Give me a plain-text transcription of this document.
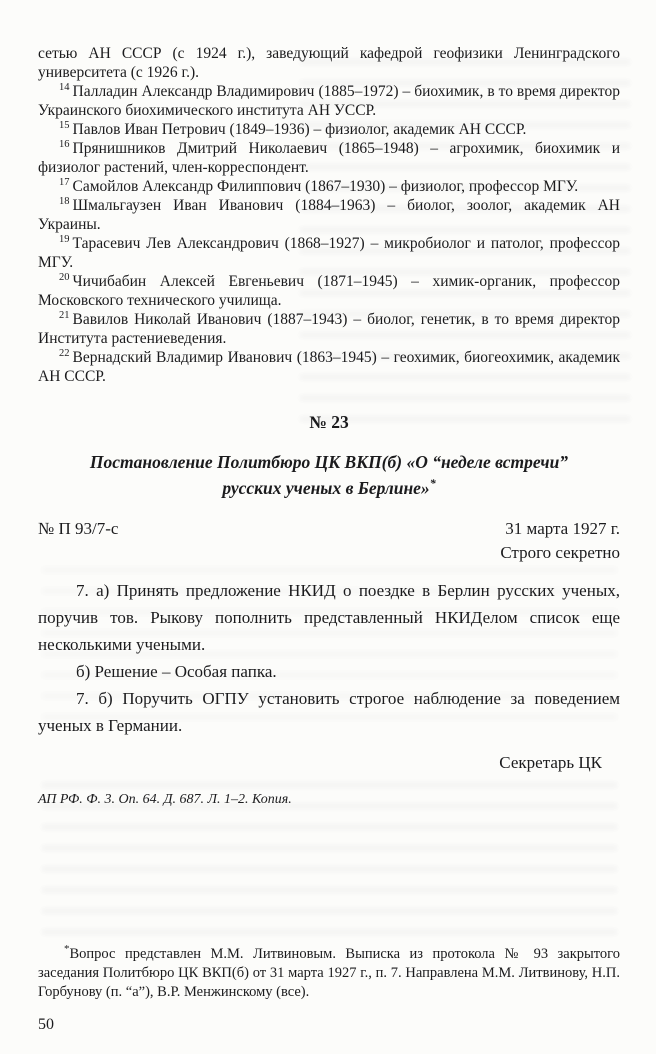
сетью АН СССР (с 1924 г.), заведующий кафедрой геофизики Ленинградского университета (с 1926 г.).

$^{14}$ Палладин Александр Владимирович (1885–1972) – биохимик, в то время директор Украинского биохимического института АН УССР.

$^{15}$ Павлов Иван Петрович (1849–1936) – физиолог, академик АН СССР.

$^{16}$ Прянишников Дмитрий Николаевич (1865–1948) – агрохимик, биохимик и физиолог растений, член-корреспондент.

$^{17}$ Самойлов Александр Филиппович (1867–1930) – физиолог, профессор МГУ.

$^{18}$ Шмальгаузен Иван Иванович (1884–1963) – биолог, зоолог, академик АН Украины.

$^{19}$ Тарасевич Лев Александрович (1868–1927) – микробиолог и патолог, профессор МГУ.

$^{20}$ Чичибабин Алексей Евгеньевич (1871–1945) – химик-органик, профессор Московского технического училища.

$^{21}$ Вавилов Николай Иванович (1887–1943) – биолог, генетик, в то время директор Института растениеведения.

$^{22}$ Вернадский Владимир Иванович (1863–1945) – геохимик, биогеохимик, академик АН СССР.

№ 23
Постановление Политбюро ЦК ВКП(б) «О “неделе встречи” русских ученых в Берлине»*
№ П 93/7-с	31 марта 1927 г.
Строго секретно

7. а) Принять предложение НКИД о поездке в Берлин русских ученых, поручив тов. Рыкову пополнить представленный НКИДелом список еще несколькими учеными.

б) Решение – Особая папка.

7. б) Поручить ОГПУ установить строгое наблюдение за поведением ученых в Германии.

Секретарь ЦК
АП РФ. Ф. 3. Оп. 64. Д. 687. Л. 1–2. Копия.

*Вопрос представлен М.М. Литвиновым. Выписка из протокола № 93 закрытого заседания Политбюро ЦК ВКП(б) от 31 марта 1927 г., п. 7. Направлена М.М. Литвинову, Н.П. Горбунову (п. “а”), В.Р. Менжинскому (все).

50
